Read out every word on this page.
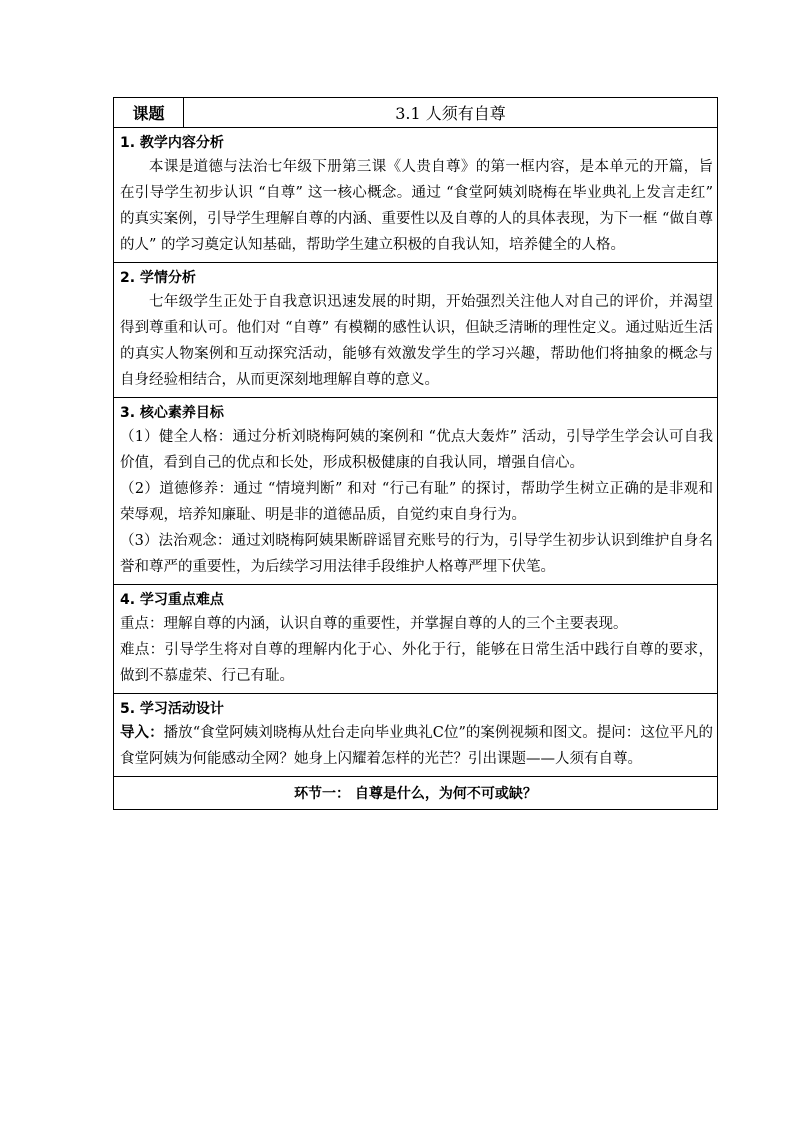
课题	3.1 人须有自尊
1. 教学内容分析

本课是道德与法治七年级下册第三课《人贵自尊》的第一框内容，是本单元的开篇，旨在引导学生初步认识 “自尊” 这一核心概念。通过 “食堂阿姨刘晓梅在毕业典礼上发言走红” 的真实案例，引导学生理解自尊的内涵、重要性以及自尊的人的具体表现，为下一框 “做自尊的人” 的学习奠定认知基础，帮助学生建立积极的自我认知，培养健全的人格。

2. 学情分析

七年级学生正处于自我意识迅速发展的时期，开始强烈关注他人对自己的评价，并渴望得到尊重和认可。他们对 “自尊” 有模糊的感性认识，但缺乏清晰的理性定义。通过贴近生活的真实人物案例和互动探究活动，能够有效激发学生的学习兴趣，帮助他们将抽象的概念与自身经验相结合，从而更深刻地理解自尊的意义。

3. 核心素养目标

（1）健全人格：通过分析刘晓梅阿姨的案例和 “优点大轰炸” 活动，引导学生学会认可自我价值，看到自己的优点和长处，形成积极健康的自我认同，增强自信心。

（2）道德修养：通过 “情境判断” 和对 “行己有耻” 的探讨，帮助学生树立正确的是非观和荣辱观，培养知廉耻、明是非的道德品质，自觉约束自身行为。

（3）法治观念：通过刘晓梅阿姨果断辟谣冒充账号的行为，引导学生初步认识到维护自身名誉和尊严的重要性，为后续学习用法律手段维护人格尊严埋下伏笔。

4. 学习重点难点

重点：理解自尊的内涵，认识自尊的重要性，并掌握自尊的人的三个主要表现。

难点：引导学生将对自尊的理解内化于心、外化于行，能够在日常生活中践行自尊的要求，做到不慕虚荣、行己有耻。

5. 学习活动设计

导入：播放“食堂阿姨刘晓梅从灶台走向毕业典礼C位”的案例视频和图文。提问：这位平凡的食堂阿姨为何能感动全网？她身上闪耀着怎样的光芒？引出课题——人须有自尊。

环节一： 自尊是什么，为何不可或缺？
